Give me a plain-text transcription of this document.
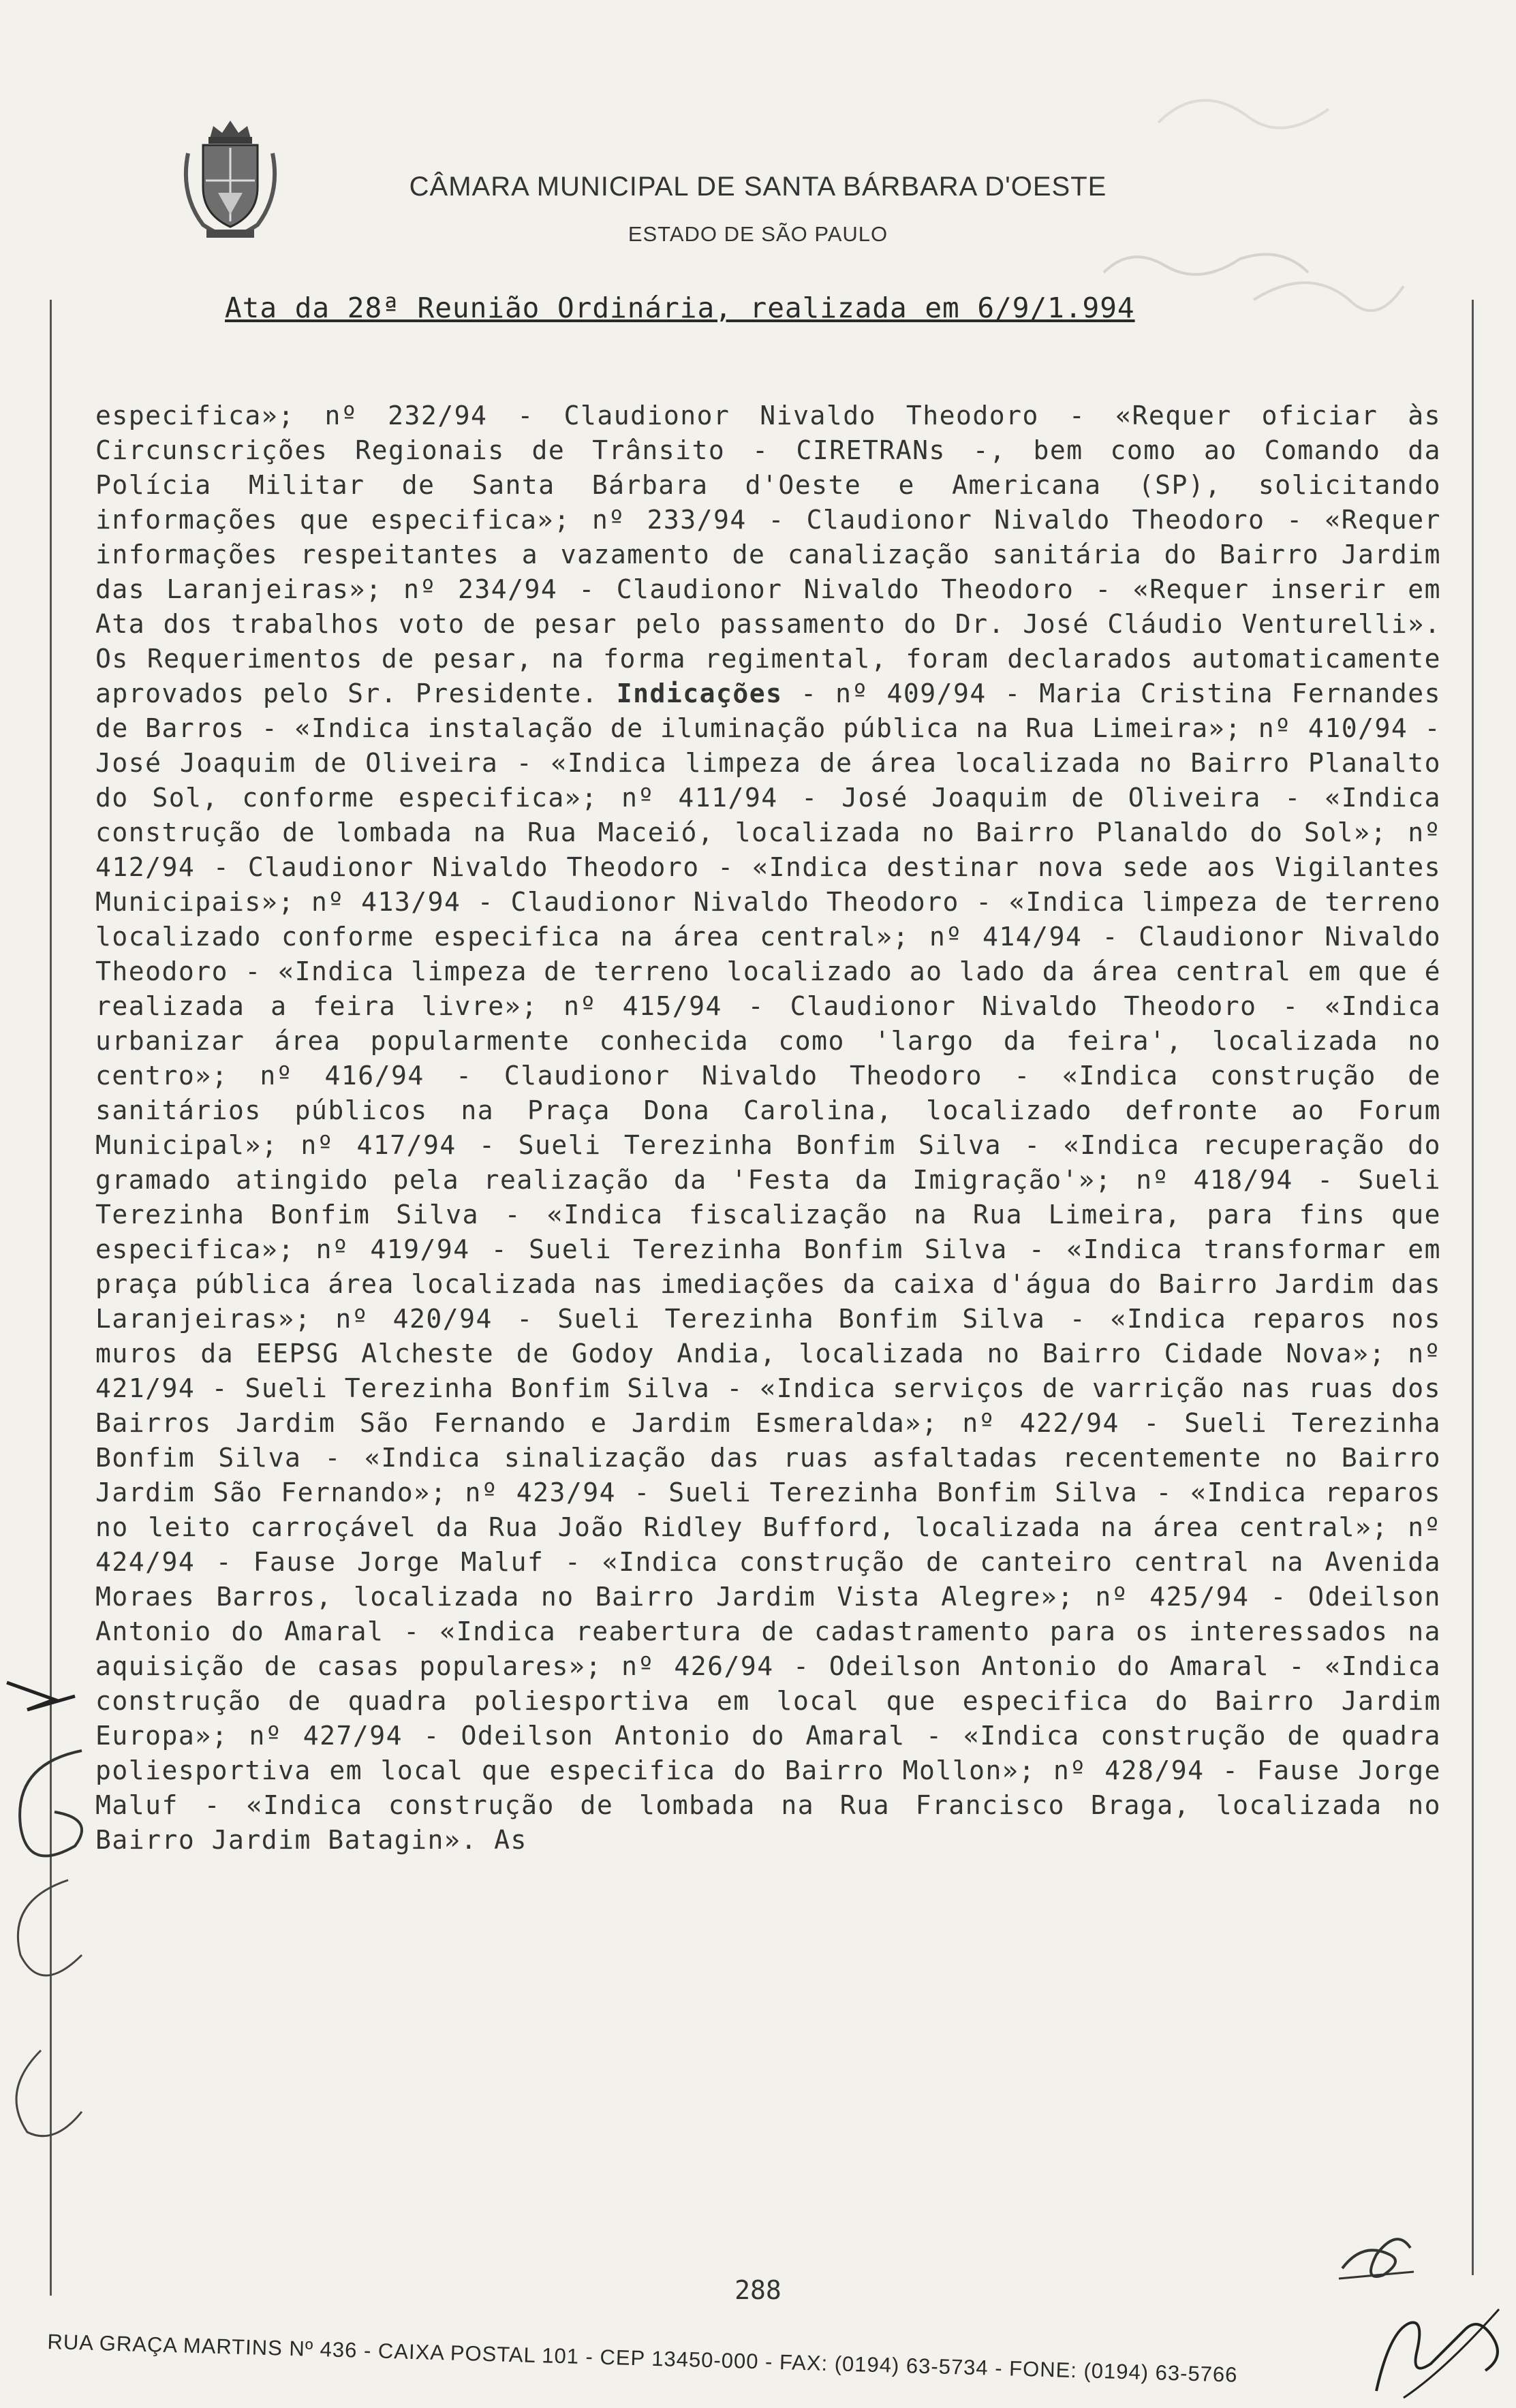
CÂMARA MUNICIPAL DE SANTA BÁRBARA D'OESTE
ESTADO DE SÃO PAULO
Ata da 28ª Reunião Ordinária, realizada em 6/9/1.994

especifica»; nº 232/94 - Claudionor Nivaldo Theodoro - «Requer oficiar às Circunscrições Regionais de Trânsito - CIRETRANs -, bem como ao Comando da Polícia Militar de Santa Bárbara d'Oeste e Americana (SP), solicitando informações que especifica»; nº 233/94 - Claudionor Nivaldo Theodoro - «Requer informações respeitantes a vazamento de canalização sanitária do Bairro Jardim das Laranjeiras»; nº 234/94 - Claudionor Nivaldo Theodoro - «Requer inserir em Ata dos trabalhos voto de pesar pelo passamento do Dr. José Cláudio Venturelli». Os Requerimentos de pesar, na forma regimental, foram declarados automaticamente aprovados pelo Sr. Presidente. Indicações - nº 409/94 - Maria Cristina Fernandes de Barros - «Indica instalação de iluminação pública na Rua Limeira»; nº 410/94 - José Joaquim de Oliveira - «Indica limpeza de área localizada no Bairro Planalto do Sol, conforme especifica»; nº 411/94 - José Joaquim de Oliveira - «Indica construção de lombada na Rua Maceió, localizada no Bairro Planaldo do Sol»; nº 412/94 - Claudionor Nivaldo Theodoro - «Indica destinar nova sede aos Vigilantes Municipais»; nº 413/94 - Claudionor Nivaldo Theodoro - «Indica limpeza de terreno localizado conforme especifica na área central»; nº 414/94 - Claudionor Nivaldo Theodoro - «Indica limpeza de terreno localizado ao lado da área central em que é realizada a feira livre»; nº 415/94 - Claudionor Nivaldo Theodoro - «Indica urbanizar área popularmente conhecida como 'largo da feira', localizada no centro»; nº 416/94 - Claudionor Nivaldo Theodoro - «Indica construção de sanitários públicos na Praça Dona Carolina, localizado defronte ao Forum Municipal»; nº 417/94 - Sueli Terezinha Bonfim Silva - «Indica recuperação do gramado atingido pela realização da 'Festa da Imigração'»; nº 418/94 - Sueli Terezinha Bonfim Silva - «Indica fiscalização na Rua Limeira, para fins que especifica»; nº 419/94 - Sueli Terezinha Bonfim Silva - «Indica transformar em praça pública área localizada nas imediações da caixa d'água do Bairro Jardim das Laranjeiras»; nº 420/94 - Sueli Terezinha Bonfim Silva - «Indica reparos nos muros da EEPSG Alcheste de Godoy Andia, localizada no Bairro Cidade Nova»; nº 421/94 - Sueli Terezinha Bonfim Silva - «Indica serviços de varrição nas ruas dos Bairros Jardim São Fernando e Jardim Esmeralda»; nº 422/94 - Sueli Terezinha Bonfim Silva - «Indica sinalização das ruas asfaltadas recentemente no Bairro Jardim São Fernando»; nº 423/94 - Sueli Terezinha Bonfim Silva - «Indica reparos no leito carroçável da Rua João Ridley Bufford, localizada na área central»; nº 424/94 - Fause Jorge Maluf - «Indica construção de canteiro central na Avenida Moraes Barros, localizada no Bairro Jardim Vista Alegre»; nº 425/94 - Odeilson Antonio do Amaral - «Indica reabertura de cadastramento para os interessados na aquisição de casas populares»; nº 426/94 - Odeilson Antonio do Amaral - «Indica construção de quadra poliesportiva em local que especifica do Bairro Jardim Europa»; nº 427/94 - Odeilson Antonio do Amaral - «Indica construção de quadra poliesportiva em local que especifica do Bairro Mollon»; nº 428/94 - Fause Jorge Maluf - «Indica construção de lombada na Rua Francisco Braga, localizada no Bairro Jardim Batagin». As

288
RUA GRAÇA MARTINS Nº 436 - CAIXA POSTAL 101 - CEP 13450-000 - FAX: (0194) 63-5734 - FONE: (0194) 63-5766
